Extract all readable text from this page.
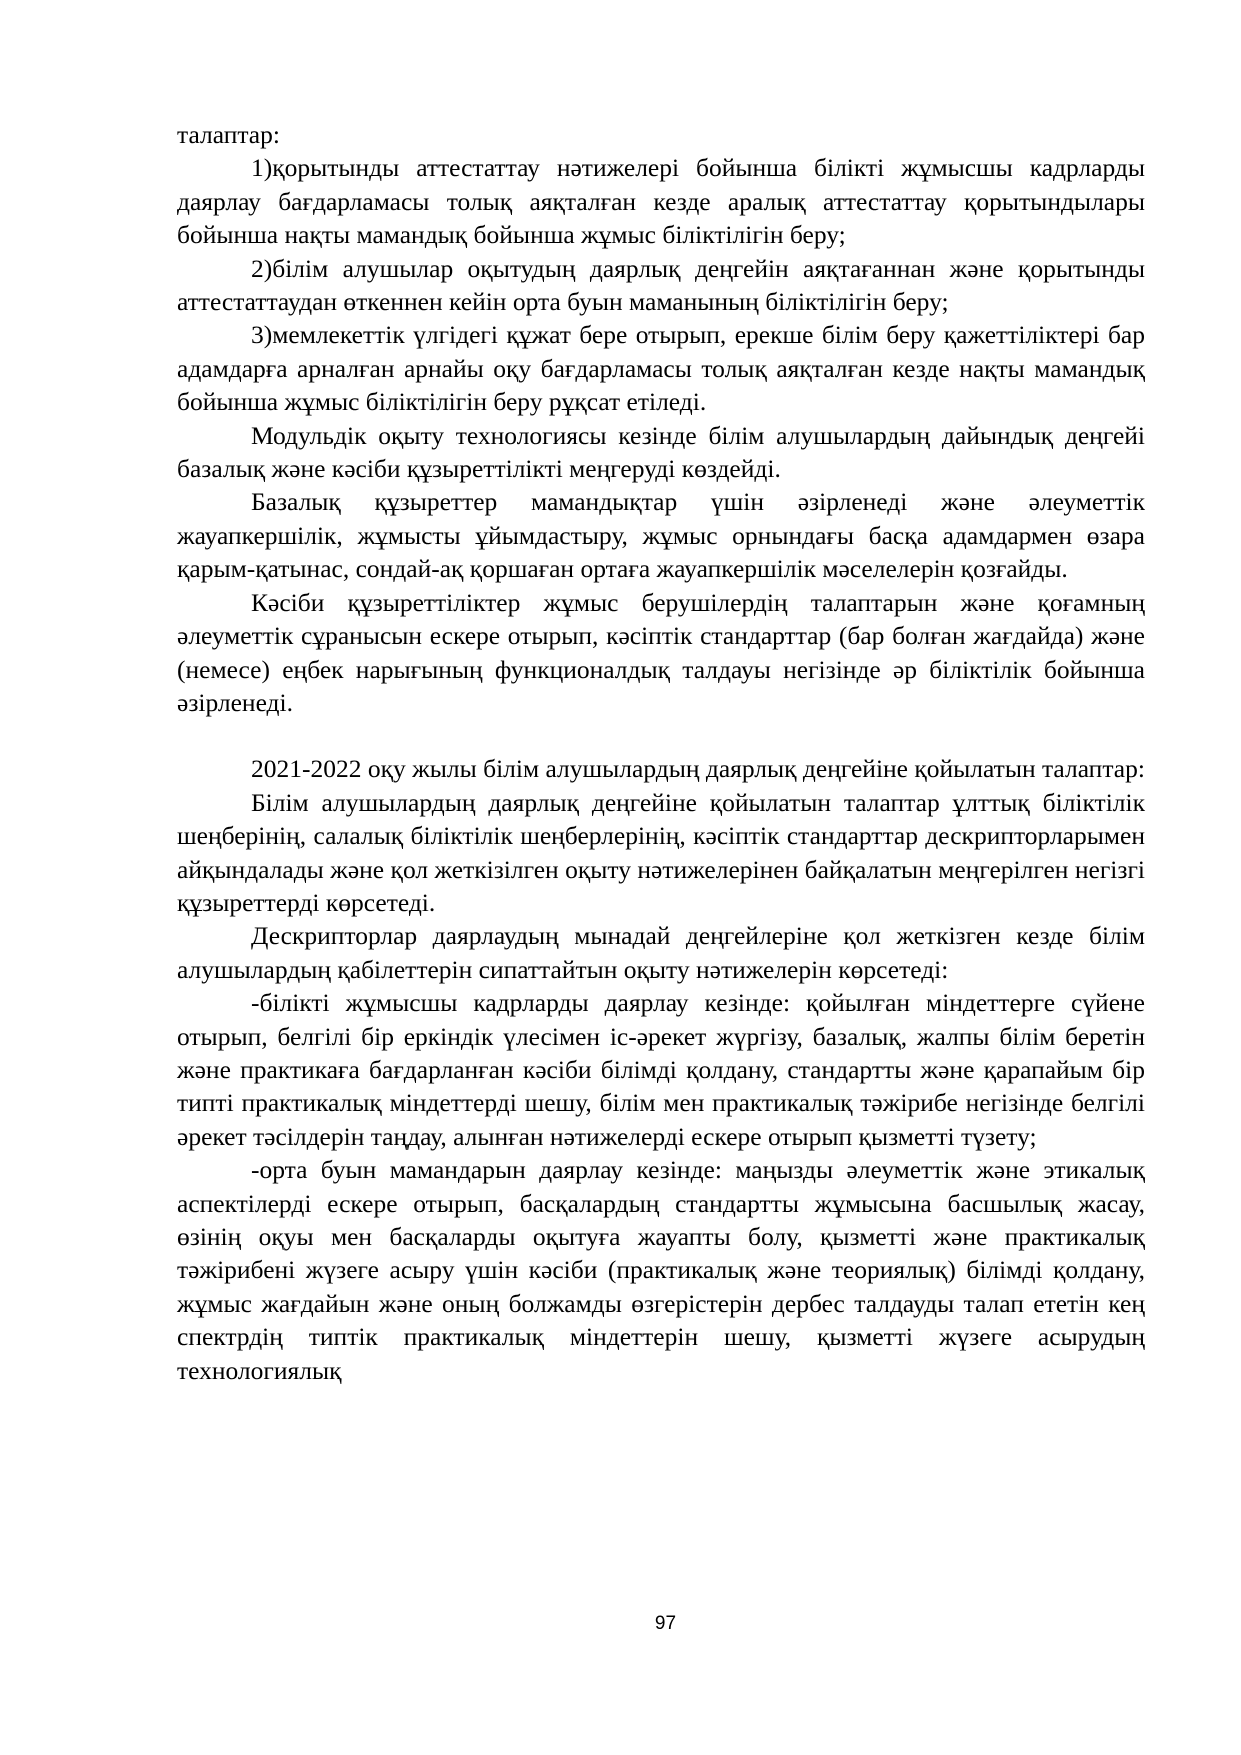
талаптар:

1)қорытынды аттестаттау нәтижелері бойынша білікті жұмысшы кадрларды даярлау бағдарламасы толық аяқталған кезде аралық аттестаттау қорытындылары бойынша нақты мамандық бойынша жұмыс біліктілігін беру;

2)білім алушылар оқытудың даярлық деңгейін аяқтағаннан және қорытынды аттестаттаудан өткеннен кейін орта буын маманының біліктілігін беру;

3)мемлекеттік үлгідегі құжат бере отырып, ерекше білім беру қажеттіліктері бар адамдарға арналған арнайы оқу бағдарламасы толық аяқталған кезде нақты мамандық бойынша жұмыс біліктілігін беру рұқсат етіледі.

Модульдік оқыту технологиясы кезінде білім алушылардың дайындық деңгейі базалық және кәсіби құзыреттілікті меңгеруді көздейді.

Базалық құзыреттер мамандықтар үшін әзірленеді және әлеуметтік жауапкершілік, жұмысты ұйымдастыру, жұмыс орнындағы басқа адамдармен өзара қарым-қатынас, сондай-ақ қоршаған ортаға жауапкершілік мәселелерін қозғайды.

Кәсіби құзыреттіліктер жұмыс берушілердің талаптарын және қоғамның әлеуметтік сұранысын ескере отырып, кәсіптік стандарттар (бар болған жағдайда) және (немесе) еңбек нарығының функционалдық талдауы негізінде әр біліктілік бойынша әзірленеді.

2021-2022 оқу жылы білім алушылардың даярлық деңгейіне қойылатын талаптар:

Білім алушылардың даярлық деңгейіне қойылатын талаптар ұлттық біліктілік шеңберінің, салалық біліктілік шеңберлерінің, кәсіптік стандарттар дескрипторларымен айқындалады және қол жеткізілген оқыту нәтижелерінен байқалатын меңгерілген негізгі құзыреттерді көрсетеді.

Дескрипторлар даярлаудың мынадай деңгейлеріне қол жеткізген кезде білім алушылардың қабілеттерін сипаттайтын оқыту нәтижелерін көрсетеді:

-білікті жұмысшы кадрларды даярлау кезінде: қойылған міндеттерге сүйене отырып, белгілі бір еркіндік үлесімен іс-әрекет жүргізу, базалық, жалпы білім беретін және практикаға бағдарланған кәсіби білімді қолдану, стандартты және қарапайым бір типті практикалық міндеттерді шешу, білім мен практикалық тәжірибе негізінде белгілі әрекет тәсілдерін таңдау, алынған нәтижелерді ескере отырып қызметті түзету;

-орта буын мамандарын даярлау кезінде: маңызды әлеуметтік және этикалық аспектілерді ескере отырып, басқалардың стандартты жұмысына басшылық жасау, өзінің оқуы мен басқаларды оқытуға жауапты болу, қызметті және практикалық тәжірибені жүзеге асыру үшін кәсіби (практикалық және теориялық) білімді қолдану, жұмыс жағдайын және оның болжамды өзгерістерін дербес талдауды талап ететін кең спектрдің типтік практикалық міндеттерін шешу, қызметті жүзеге асырудың технологиялық

97
